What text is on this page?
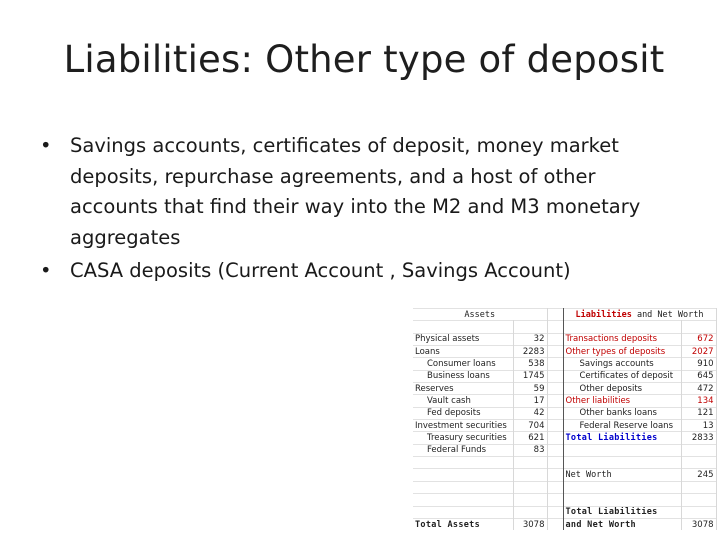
Liabilities: Other type of deposit
• Savings accounts, certificates of deposit, money market deposits, repurchase agreements, and a host of other accounts that find their way into the M2 and M3 monetary aggregates
• CASA deposits (Current Account , Savings Account)
Assets			Liabilities and Net Worth	

Physical assets	32		Transactions deposits	672
Loans	2283		Other types of deposits	2027
Consumer loans	538		Savings accounts	910
Business loans	1745		Certificates of deposit	645
Reserves	59		Other deposits	472
Vault cash	17		Other liabilities	134
Fed deposits	42		Other banks loans	121
Investment securities	704		Federal Reserve loans	13
Treasury securities	621		Total Liabilities	2833
Federal Funds	83			

			Net Worth	245

			Total Liabilities	
Total Assets	3078		and Net Worth	3078
